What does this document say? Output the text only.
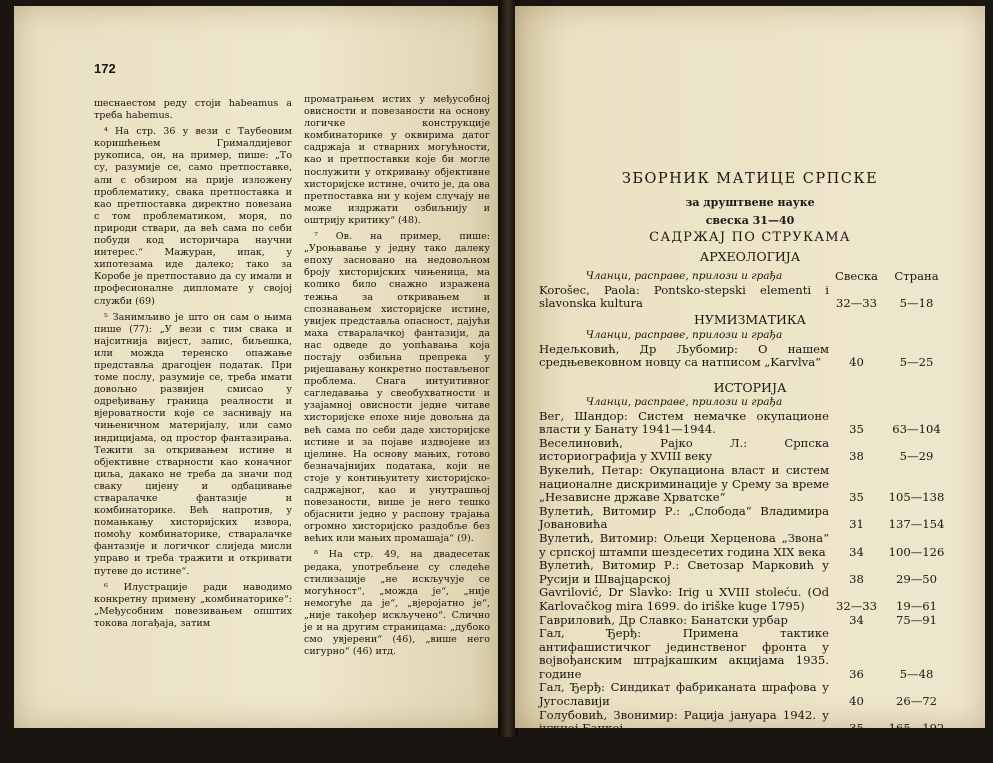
172

шеснаестом реду стоји habeamus а треба habemus.

⁴ На стр. 36 у вези с Таубеовим коришћењем Грималдијевог рукописа, он, на пример, пише: „То су, разумије се, само претпоставке, али с обзиром на прије изложену проблематику, свака претпоставка и као претпоставка директно повезана с том проблематиком, моря, по природи ствари, да већ сама по себи побуди код историчара научни интерес.“ Мажуран, ипак, у хипотезама иде далеко; тако за Коробе је претпоставио да су имали и професионалне дипломате у својој служби (69)

⁵ Занимљиво је што он сам о њима пише (77): „У вези с тим свака и најситнија вијест, запис, биљешка, или можда теренско опажање представља драгоцјен податак. При томе послу, разумије се, треба имати довољно развијен смисао у одређивању граница реалности и вјероватности које се заснивају на чињеничном материјалу, или само индицијама, од простор фантазирања. Тежити за откривањем истине и објективне стварности као коначног циља, дакако не треба да значи под сваку цијену и одбацивање стваралачке фантазије и комбинаторике. Већ напротив, у помањкању хисторијских извора, помоћу комбинаторике, стваралачке фантазије и логичког слиједа мисли управо и треба тражити и откривати путеве до истине“.

⁶ Илустрације ради наводимо конкретну примену „комбинаторике“: „Међусобним повезивањем општих токова логађаја, затим

проматрањем истих у међусобној овисности и повезаности на основу логичке конструкције комбинаторике у оквирима датог садржаја и стварних могућности, као и претпоставки које би могле послужити у откривању објективне хисторијске истине, очито је, да ова претпоставка ни у којем случају не може издржати озбиљнију и оштрију критику“ (48).

⁷ Ов. на пример, пише: „Уроњавање у једну тако далеку епоху засновано на недовољном броју хисторијских чињеница, ма колико било снажно изражена тежња за откривањем и спознавањем хисторијске истине, увијек представља опасност, дајући маха стваралачкој фантазији, да нас одведе до уопћавања која постају озбиљна препрека у ријешавању конкретно постављеног проблема. Снага интуитивног сагледавања у свеобухватности и узајамној овисности једне читаве хисторијске епохе није довољна да већ сама по себи даде хисторијске истине и за појаве издвојене из цјелине. На основу мањих, готово безначајнијих података, који не стоје у контињуитету хисторијско-садржајног, као и унутрашњој повезаности, више је него тешко објаснити једно у распону трајања огромно хисторијско раздобље без већих или мањих промашаја“ (9).

⁸ На стр. 49, на двадесетак редака, употребљене су следеће стилизације „не искључује се могућност“, „можда је“, „није немогуће да је“, „вјеројатно је“, „није такођер искључено“. Слично је и на другим страницама: „дубоко смо увјерени“ (46), „више него сигурно“ (46) итд.

ЗБОРНИК МАТИЦЕ СРПСКЕ
за друштвене науке
свеска 31—40
САДРЖАЈ ПО СТРУКАМА
АРХЕОЛОГИЈА
Чланци, расправе, прилози и грађа	Свеска	Страна
Korošec, Paola: Pontsko-stepski elementi i slavonska kultura	32—33	5—18
НУМИЗМАТИКА
Чланци, расправе, прилози и грађа
Недељковић, Др Љубомир: О нашем средњевековном новцу са натписом „Karvlva“	40	5—25
ИСТОРИЈА
Чланци, расправе, прилози и грађа
Вег, Шандор: Систем немачке окупационе власти у Банату 1941—1944.	35	63—104
Веселиновић, Рајко Л.: Српска историографија у XVIII веку	38	5—29
Вукелић, Петар: Окупациона власт и систем националне дискриминације у Срему за време „Независне државе Хрватске“	35	105—138
Вулетић, Витомир Р.: „Слобода“ Владимира Јовановића	31	137—154
Вулетић, Витомир: Ољеци Херценова „Звона“ у српској штампи шездесетих година XIX века	34	100—126
Вулетић, Витомир Р.: Светозар Марковић у Русији и Швајцарској	38	29—50
Gavrilović, Dr Slavko: Irig u XVIII stoleću. (Od Karlovačkog mira 1699. do iriške kuge 1795)	32—33	19—61
Гавриловић, Др Славко: Банатски урбар	34	75—91
Гал, Ђерђ: Примена тактике антифашистичког јединственог фронта у војвођанским штрајкашким акцијама 1935. године	36	5—48
Гал, Ђерђ: Синдикат фабриканата шрафова у Југославији	40	26—72
Голубовић, Звонимир: Рација јануара 1942. у јужној Бачкој	35	165—192
Ивковић, Божидар: Затвори, концентрациони и радни логори у Банату 1941—1944.	39	108—129
